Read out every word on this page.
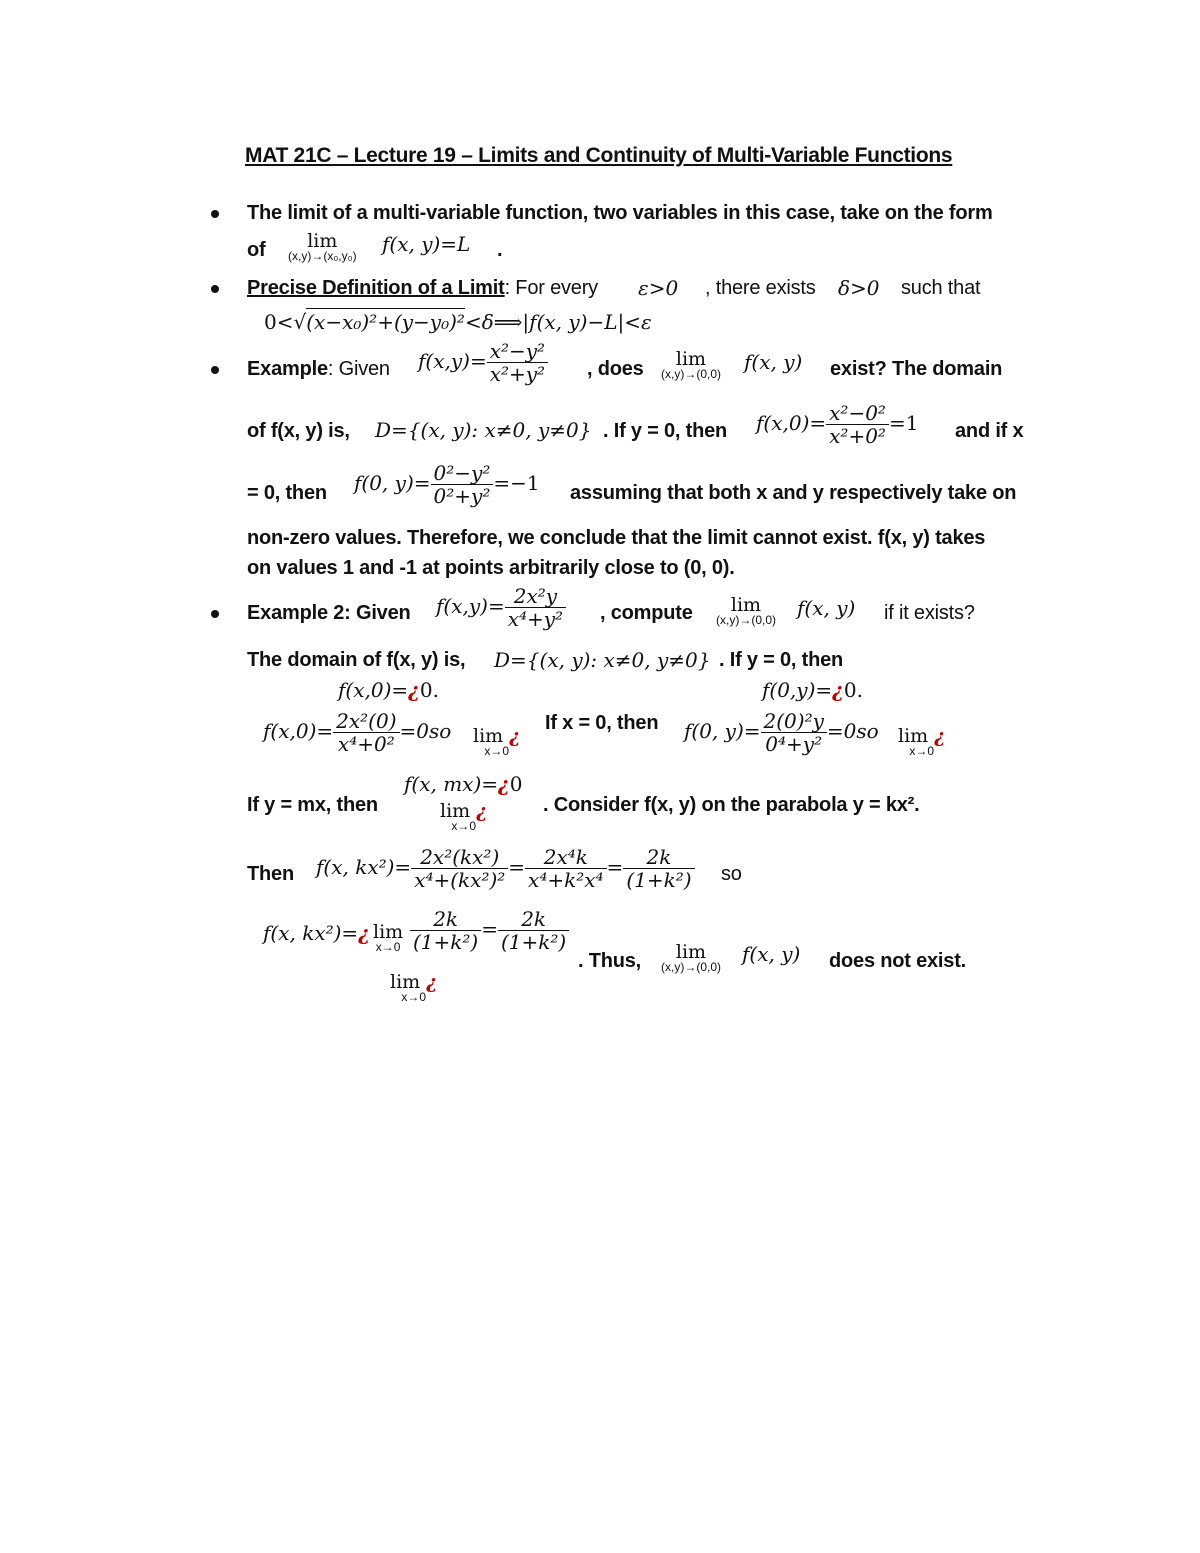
MAT 21C – Lecture 19 – Limits and Continuity of Multi-Variable Functions
The limit of a multi-variable function, two variables in this case, take on the form
of	lim
(x,y)→(x₀,y₀) f(x, y)=L .
Precise Definition of a Limit: For every ε>0 , there exists δ>0 such that
0<√(x−x₀)²+(y−y₀)²<δ⟹|f(x, y)−L|<ε
Example: Given $f(x,y)= \frac{\text{x²−y²}}{\text{x²+y²}}$ , does	lim
(x,y)→(0,0) f(x, y) exist? The domain
of f(x, y) is, D={(x, y): x≠0, y≠0} . If y = 0, then $f(x,0)= \frac{\text{x²−0²}}{\text{x²+0²}} =1$ and if x
= 0, then f(0, $y)= \frac{\text{0²−y²}}{\text{0²+y²}} =-1$ assuming that both x and y respectively take on
non-zero values. Therefore, we conclude that the limit cannot exist. f(x, y) takes
on values 1 and -1 at points arbitrarily close to (0, 0).
Example 2: Given $f(x,y)= \frac{\text{2x²y}}{\text{x⁴+y²}}$ , compute	lim
(x,y)→(0,0) f(x, y) if it exists?
The domain of f(x, y) is, D={(x, y): x≠0, y≠0} . If y = 0, then
f(x,0)=¿0.	f(0,y)=¿0.
$f(x,0)= \frac{\text{2x²(0)}}{\text{x⁴+0²}} =0so$ lim ¿
x→0
If x = 0, then f(0, $y)= \frac{\text{2(0)²y}}{\text{0⁴+y²}} =0so$ lim ¿
x→0
f(x, mx)=¿0
If y = mx, then	lim ¿
x→0
. Consider f(x, y) on the parabola y = kx².
Then f(x, $kx^2)= \frac{\text{2x²(kx²)}}{\text{x⁴+(kx²)²}} = \frac{\text{2x⁴k}}{\text{x⁴+k²x⁴}} = \frac{2k}{\text{(1+k²)}}$ so
f(x, kx²)=¿ lim
$x\to 0 \frac{2k}{\text{(1+k²)}} = \frac{2k}{\text{(1+k²)}}$
lim ¿
x→0
. Thus,	lim
(x,y)→(0,0)
f(x, y) does not exist.
